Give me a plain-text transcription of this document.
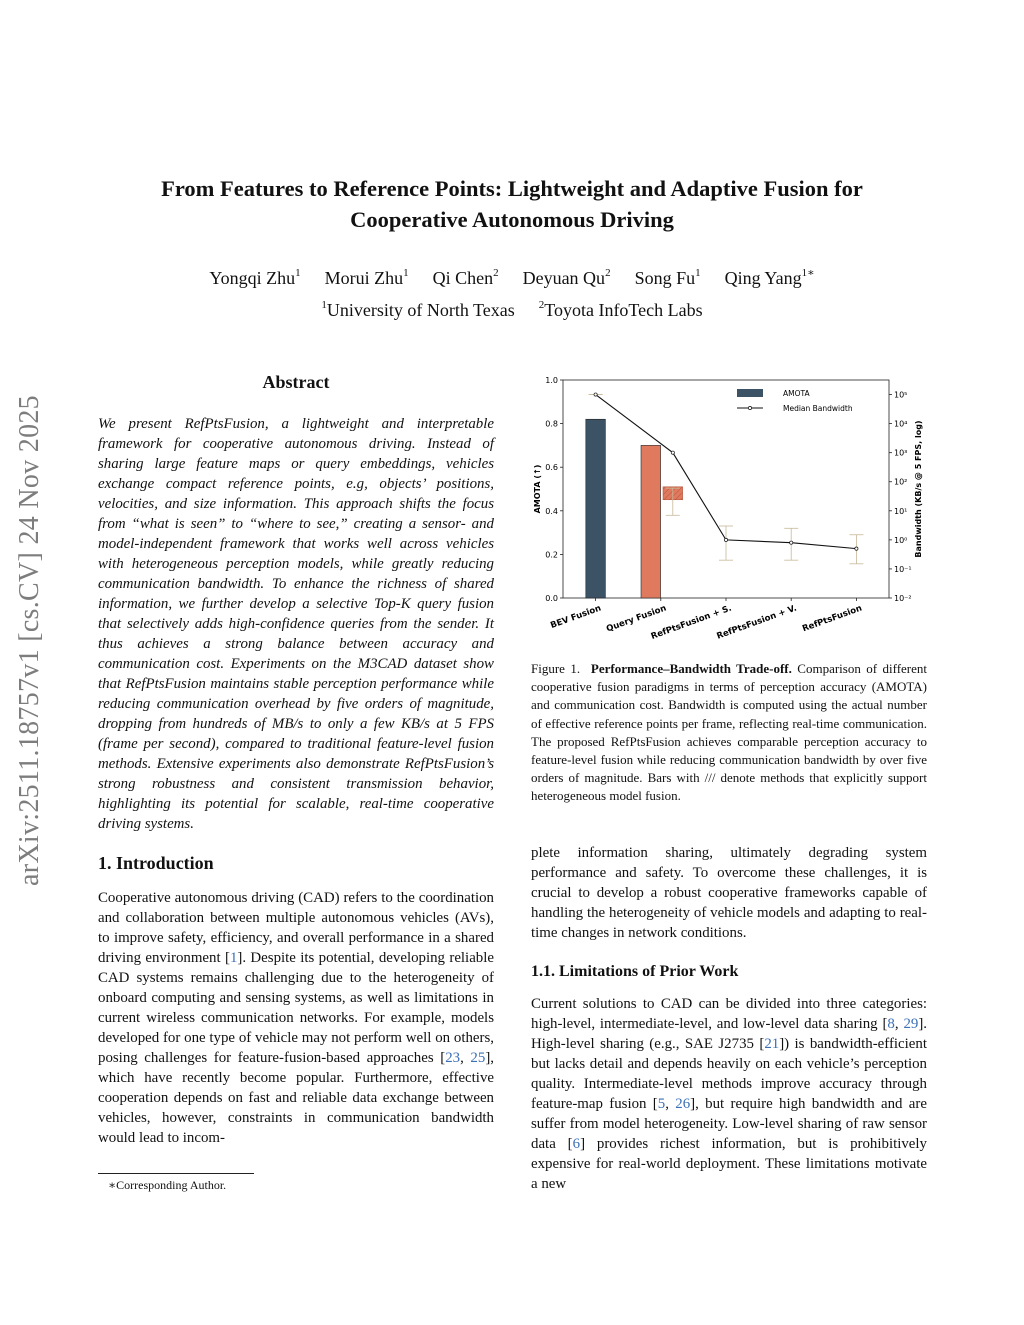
arXiv:2511.18757v1 [cs.CV] 24 Nov 2025
From Features to Reference Points: Lightweight and Adaptive Fusion for Cooperative Autonomous Driving
Yongqi Zhu$^1$ Morui Zhu$^1$ Qi Chen$^2$ Deyuan Qu$^2$ Song Fu$^1$ Qing Yang$^{1∗}$
$^1$University of North Texas $^2$Toyota InfoTech Labs
Abstract
We present RefPtsFusion, a lightweight and interpretable framework for cooperative autonomous driving. Instead of sharing large feature maps or query embeddings, vehicles exchange compact reference points, e.g, objects’ positions, velocities, and size information. This approach shifts the focus from “what is seen” to “where to see,” creating a sensor- and model-independent framework that works well across vehicles with heterogeneous perception models, while greatly reducing communication bandwidth. To enhance the richness of shared information, we further develop a selective Top-K query fusion that selectively adds high-confidence queries from the sender. It thus achieves a strong balance between accuracy and communication cost. Experiments on the M3CAD dataset show that RefPtsFusion maintains stable perception performance while reducing communication overhead by five orders of magnitude, dropping from hundreds of MB/s to only a few KB/s at 5 FPS (frame per second), compared to traditional feature-level fusion methods. Extensive experiments also demonstrate RefPtsFusion’s strong robustness and consistent transmission behavior, highlighting its potential for scalable, real-time cooperative driving systems.
1. Introduction
Cooperative autonomous driving (CAD) refers to the coordination and collaboration between multiple autonomous vehicles (AVs), to improve safety, efficiency, and overall performance in a shared driving environment [1]. Despite its potential, developing reliable CAD systems remains challenging due to the heterogeneity of onboard computing and sensing systems, as well as limitations in current wireless communication networks. For example, models developed for one type of vehicle may not perform well on others, posing challenges for feature-fusion-based approaches [23, 25], which have recently become popular. Furthermore, effective cooperation depends on fast and reliable data exchange between vehicles, however, constraints in communication bandwidth would lead to incom-
∗Corresponding Author.
0.0
0.2
0.4
0.6
0.8
1.0
10⁻²
10⁻¹
10⁰
10¹
10²
10³
10⁴
10⁵
AMOTA (↑)	Bandwidth (KB/s @ 5 FPS, log)
BEV Fusion Query Fusion
RefPtsFusion + S.
RefPtsFusion + V. RefPtsFusion
AMOTA
Median Bandwidth
Figure 1. Performance–Bandwidth Trade-off. Comparison of different cooperative fusion paradigms in terms of perception accuracy (AMOTA) and communication cost. Bandwidth is computed using the actual number of effective reference points per frame, reflecting real-time communication. The proposed RefPtsFusion achieves comparable perception accuracy to feature-level fusion while reducing communication bandwidth by over five orders of magnitude. Bars with /// denote methods that explicitly support heterogeneous model fusion.
plete information sharing, ultimately degrading system performance and safety. To overcome these challenges, it is crucial to develop a robust cooperative frameworks capable of handling the heterogeneity of vehicle models and adapting to real-time changes in network conditions.
1.1. Limitations of Prior Work
Current solutions to CAD can be divided into three categories: high-level, intermediate-level, and low-level data sharing [8, 29]. High-level sharing (e.g., SAE J2735 [21]) is bandwidth-efficient but lacks detail and depends heavily on each vehicle’s perception quality. Intermediate-level methods improve accuracy through feature-map fusion [5, 26], but require high bandwidth and are suffer from model heterogeneity. Low-level sharing of raw sensor data [6] provides richest information, but is prohibitively expensive for real-world deployment. These limitations motivate a new
